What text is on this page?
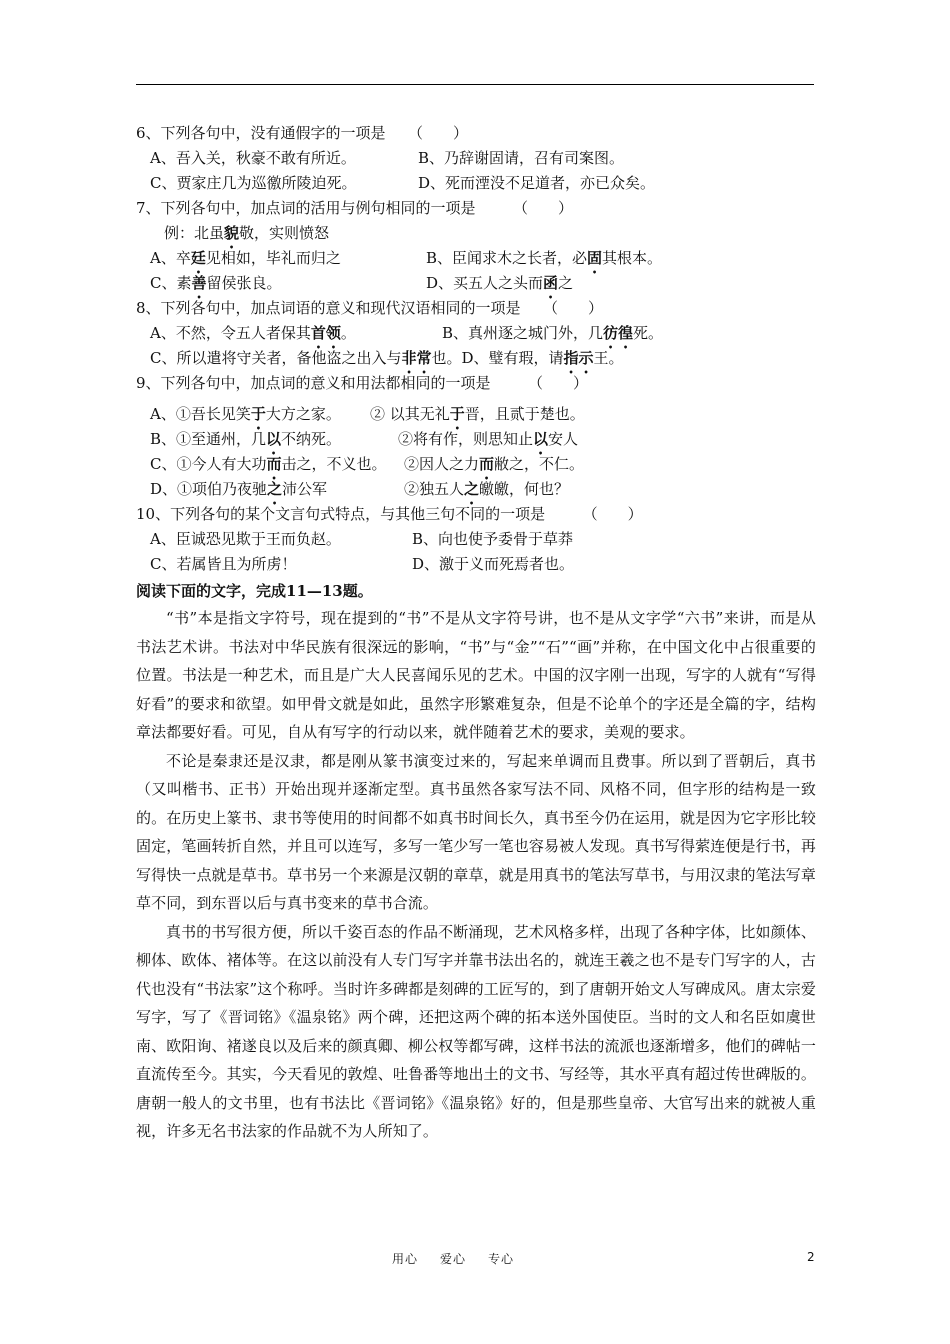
6、下列各句中，没有通假字的一项是　　（　　）
A、吾入关，秋豪不敢有所近。	B、乃辞谢固请，召有司案图。
C、贾家庄几为巡徼所陵迫死。	D、死而湮没不足道者，亦已众矣。
7、下列各句中，加点词的活用与例句相同的一项是　　　（　　）
例：北虽貌敬，实则愤怒
A、卒廷见相如，毕礼而归之	B、臣闻求木之长者，必固其根本。
C、素善留侯张良。	D、买五人之头而函之
8、下列各句中，加点词语的意义和现代汉语相同的一项是　　（　　）
A、不然，令五人者保其首领。	B、真州逐之城门外，几彷徨死。
C、所以遣将守关者，备他盗之出入与非常也。D、璧有瑕，请指示王。
9、下列各句中，加点词的意义和用法都相同的一项是　　　（　　）
A、①吾长见笑于大方之家。	② 以其无礼于晋，且贰于楚也。
B、①至通州，几以不纳死。	②将有作，则思知止以安人
C、①今人有大功而击之，不义也。	②因人之力而敝之，不仁。
D、①项伯乃夜驰之沛公军	②独五人之皦皦，何也？
10、下列各句的某个文言句式特点，与其他三句不同的一项是　　　（　　）
A、臣诚恐见欺于王而负赵。	B、向也使予委骨于草莽
C、若属皆且为所虏！	D、激于义而死焉者也。
阅读下面的文字，完成11—13题。

“书”本是指文字符号，现在提到的“书”不是从文字符号讲，也不是从文字学“六书”来讲，而是从书法艺术讲。书法对中华民族有很深远的影响，“书”与“金”“石”“画”并称，在中国文化中占很重要的位置。书法是一种艺术，而且是广大人民喜闻乐见的艺术。中国的汉字刚一出现，写字的人就有“写得好看”的要求和欲望。如甲骨文就是如此，虽然字形繁难复杂，但是不论单个的字还是全篇的字，结构章法都要好看。可见，自从有写字的行动以来，就伴随着艺术的要求，美观的要求。

不论是秦隶还是汉隶，都是刚从篆书演变过来的，写起来单调而且费事。所以到了晋朝后，真书（又叫楷书、正书）开始出现并逐渐定型。真书虽然各家写法不同、风格不同，但字形的结构是一致的。在历史上篆书、隶书等使用的时间都不如真书时间长久，真书至今仍在运用，就是因为它字形比较固定，笔画转折自然，并且可以连写，多写一笔少写一笔也容易被人发现。真书写得萦连便是行书，再写得快一点就是草书。草书另一个来源是汉朝的章草，就是用真书的笔法写草书，与用汉隶的笔法写章草不同，到东晋以后与真书变来的草书合流。

真书的书写很方便，所以千姿百态的作品不断涌现，艺术风格多样，出现了各种字体，比如颜体、柳体、欧体、褚体等。在这以前没有人专门写字并靠书法出名的，就连王羲之也不是专门写字的人，古代也没有“书法家”这个称呼。当时许多碑都是刻碑的工匠写的，到了唐朝开始文人写碑成风。唐太宗爱写字，写了《晋词铭》《温泉铭》两个碑，还把这两个碑的拓本送外国使臣。当时的文人和名臣如虞世南、欧阳询、褚遂良以及后来的颜真卿、柳公权等都写碑，这样书法的流派也逐渐增多，他们的碑帖一直流传至今。其实，今天看见的敦煌、吐鲁番等地出土的文书、写经等，其水平真有超过传世碑版的。唐朝一般人的文书里，也有书法比《晋词铭》《温泉铭》好的，但是那些皇帝、大官写出来的就被人重视，许多无名书法家的作品就不为人所知了。

用心 爱心 专心	2
